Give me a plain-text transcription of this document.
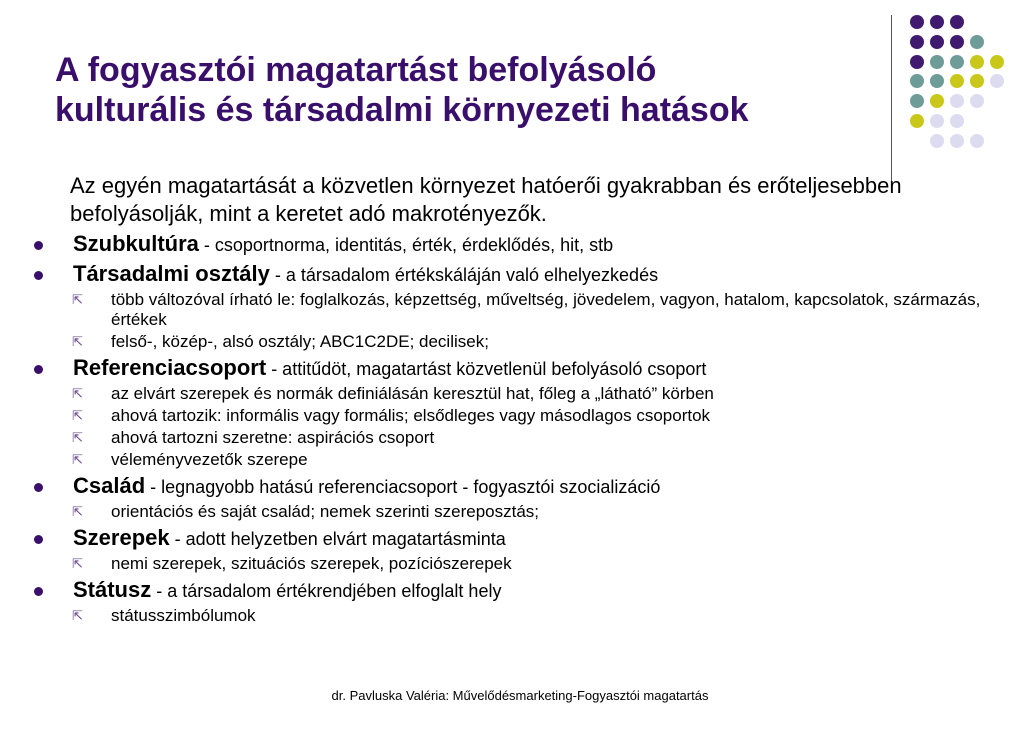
A fogyasztói magatartást befolyásoló
kulturális és társadalmi környezeti hatások
Az egyén magatartását a közvetlen környezet hatóerői gyakrabban és erőteljesebben befolyásolják, mint a keretet adó makrotényezők.
Szubkultúra - csoportnorma, identitás, érték, érdeklődés, hit, stb
Társadalmi osztály - a társadalom értékskáláján való elhelyezkedés
⇱ több változóval írható le: foglalkozás, képzettség, műveltség, jövedelem, vagyon, hatalom, kapcsolatok, származás, értékek
⇱ felső-, közép-, alsó osztály; ABC1C2DE; decilisek;
Referenciacsoport - attitűdöt, magatartást közvetlenül befolyásoló csoport
⇱ az elvárt szerepek és normák definiálásán keresztül hat, főleg a „látható” körben
⇱ ahová tartozik: informális vagy formális; elsődleges vagy másodlagos csoportok
⇱ ahová tartozni szeretne: aspirációs csoport
⇱ véleményvezetők szerepe
Család - legnagyobb hatású referenciacsoport - fogyasztói szocializáció
⇱ orientációs és saját család; nemek szerinti szereposztás;
Szerepek - adott helyzetben elvárt magatartásminta
⇱ nemi szerepek, szituációs szerepek, pozíciószerepek
Státusz - a társadalom értékrendjében elfoglalt hely
⇱ státusszimbólumok
dr. Pavluska Valéria: Művelődésmarketing-Fogyasztói magatartás
